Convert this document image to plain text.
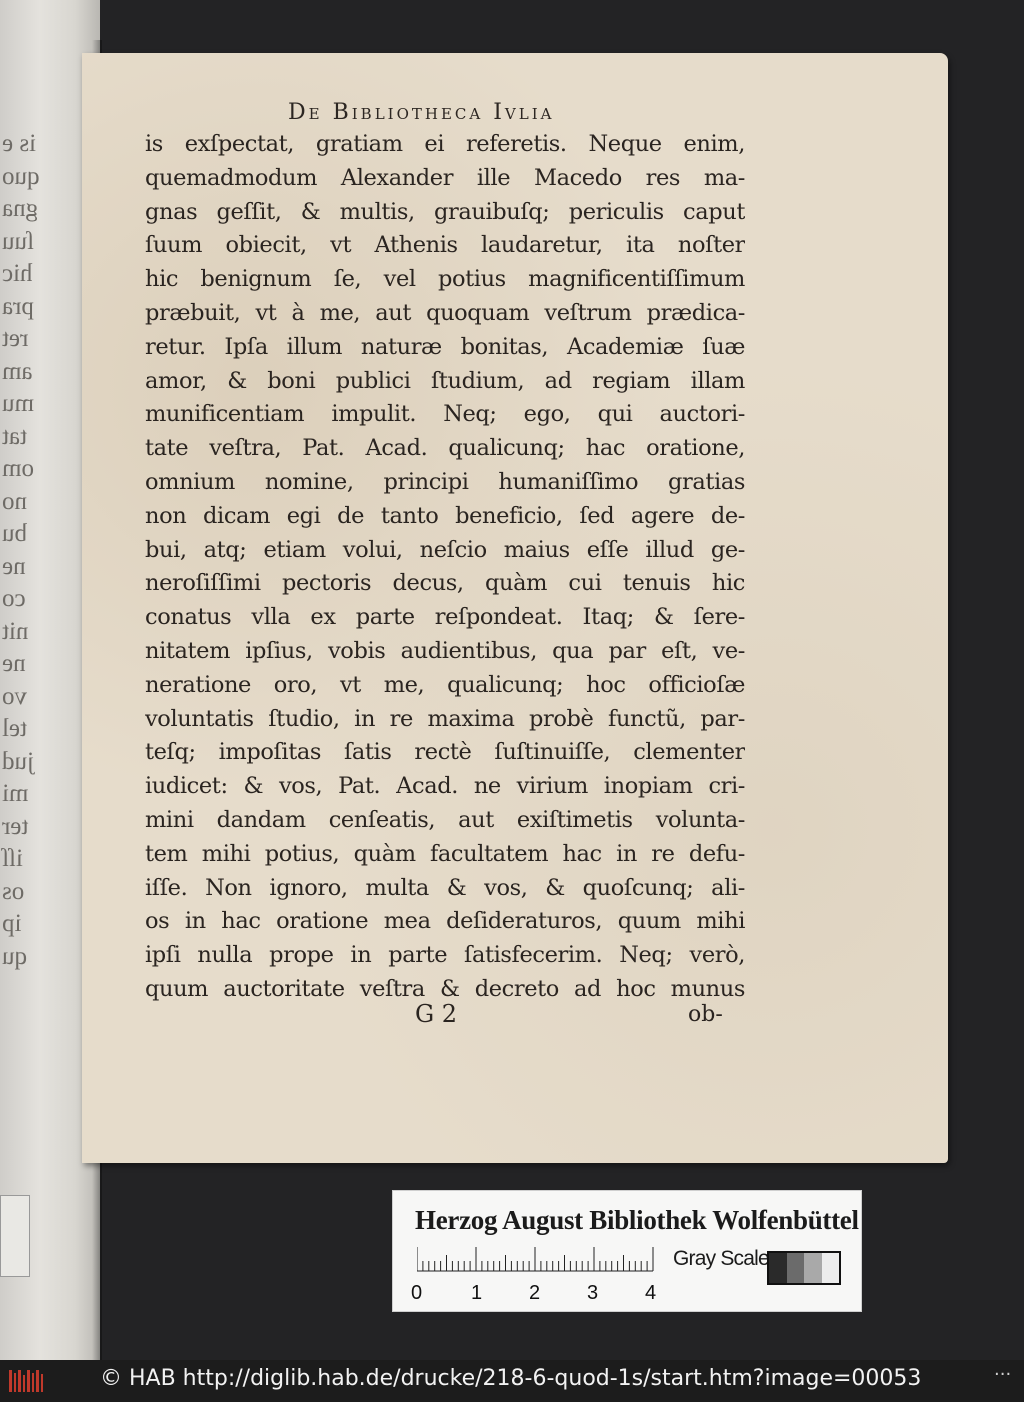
is e
quo
gna
ſuu
hic
pra
ret
am
mu
tat
om
no
bu
ne
co
nit
ne
vo
tel
jud
mi
ter
iſſ
os
ip
qu
De Bibliotheca Ivlia
is exſpectat, gratiam ei referetis. Neque enim,
quemadmodum Alexander ille Macedo res ma-
gnas geſſit, & multis, grauibuſq; periculis caput
ſuum obiecit, vt Athenis laudaretur, ita noſter
hic benignum ſe, vel potius magnificentiſſimum
præbuit, vt à me, aut quoquam veſtrum prædica-
retur. Ipſa illum naturæ bonitas, Academiæ ſuæ
amor, & boni publici ſtudium, ad regiam illam
munificentiam impulit. Neq; ego, qui auctori-
tate veſtra, Pat. Acad. qualicunq; hac oratione,
omnium nomine, principi humaniſſimo gratias
non dicam egi de tanto beneficio, ſed agere de-
bui, atq; etiam volui, neſcio maius eſſe illud ge-
neroſiſſimi pectoris decus, quàm cui tenuis hic
conatus vlla ex parte reſpondeat. Itaq; & ſere-
nitatem ipſius, vobis audientibus, qua par eſt, ve-
neratione oro, vt me, qualicunq; hoc officioſæ
voluntatis ſtudio, in re maxima probè functũ, par-
teſq; impoſitas ſatis rectè ſuſtinuiſſe, clementer
iudicet: & vos, Pat. Acad. ne virium inopiam cri-
mini dandam cenſeatis, aut exiſtimetis volunta-
tem mihi potius, quàm facultatem hac in re defu-
iſſe. Non ignoro, multa & vos, & quoſcunq; ali-
os in hac oratione mea deſideraturos, quum mihi
ipſi nulla prope in parte ſatisfecerim. Neq; verò,
quum auctoritate veſtra & decreto ad hoc munus
G 2	ob-
Herzog August Bibliothek Wolfenbüttel
0 1 2 3 4
Gray Scale
© HAB http://diglib.hab.de/drucke/218-6-quod-1s/start.htm?image=00053	···
